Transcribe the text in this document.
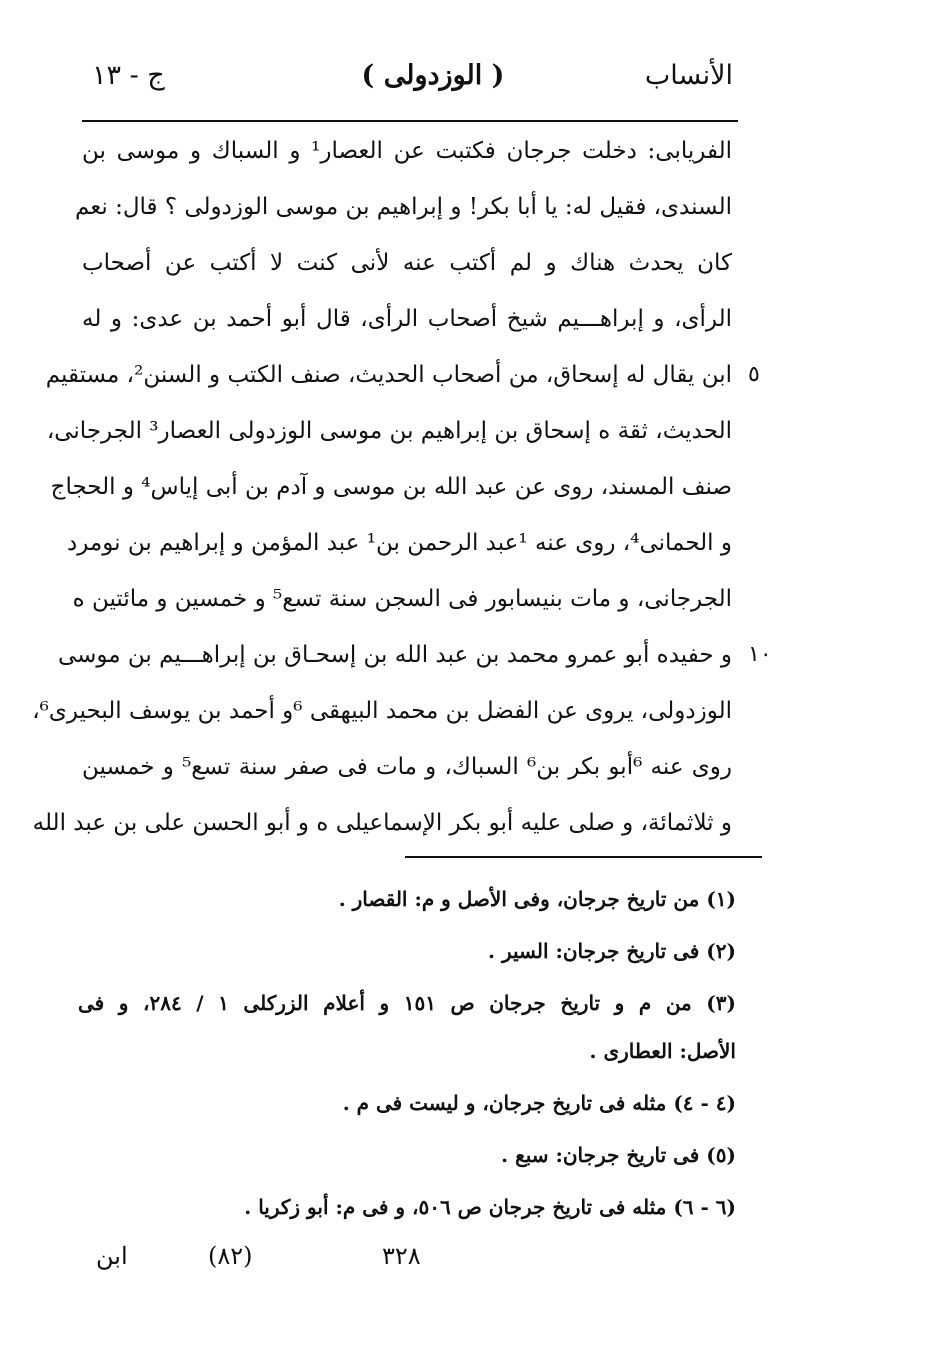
ج - ١٣	( الوزدولى )	الأنساب
الفريابى: دخلت جرجان فكتبت عن العصار¹ و السباك و موسى بن
السندى، فقيل له: يا أبا بكر! و إبراهيم بن موسى الوزدولى ؟ قال: نعم
كان يحدث هناك و لم أكتب عنه لأنى كنت لا أكتب عن أصحاب
الرأى، و إبراهـــيم شيخ أصحاب الرأى، قال أبو أحمد بن عدى: و له
ابن يقال له إسحاق، من أصحاب الحديث، صنف الكتب و السنن²، مستقيم ٥
الحديث، ثقة ه إسحاق بن إبراهيم بن موسى الوزدولى العصار³ الجرجانى،
صنف المسند، روى عن عبد الله بن موسى و آدم بن أبى إياس⁴ و الحجاج
و الحمانى⁴، روى عنه ¹عبد الرحمن بن¹ عبد المؤمن و إبراهيم بن نومرد
الجرجانى، و مات بنيسابور فى السجن سنة تسع⁵ و خمسين و مائتين ه
و حفيده أبو عمرو محمد بن عبد الله بن إسحـاق بن إبراهـــيم بن موسى ١٠
الوزدولى، يروى عن الفضل بن محمد البيهقى ⁶و أحمد بن يوسف البحيرى⁶،
روى عنه ⁶أبو بكر بن⁶ السباك، و مات فى صفر سنة تسع⁵ و خمسين
و ثلاثمائة، و صلى عليه أبو بكر الإسماعيلى ه و أبو الحسن على بن عبد الله
(١) من تاريخ جرجان، وفى الأصل و م: القصار .
(٢) فى تاريخ جرجان: السير .
(٣) من م و تاريخ جرجان ص ١٥١ و أعلام الزركلى ١ / ٢٨٤، و فى
الأصل: العطارى .
(٤ - ٤) مثله فى تاريخ جرجان، و ليست فى م .
(٥) فى تاريخ جرجان: سبع .
(٦ - ٦) مثله فى تاريخ جرجان ص ٥٠٦، و فى م: أبو زكريا .
ابن	(٨٢)	٣٢٨
